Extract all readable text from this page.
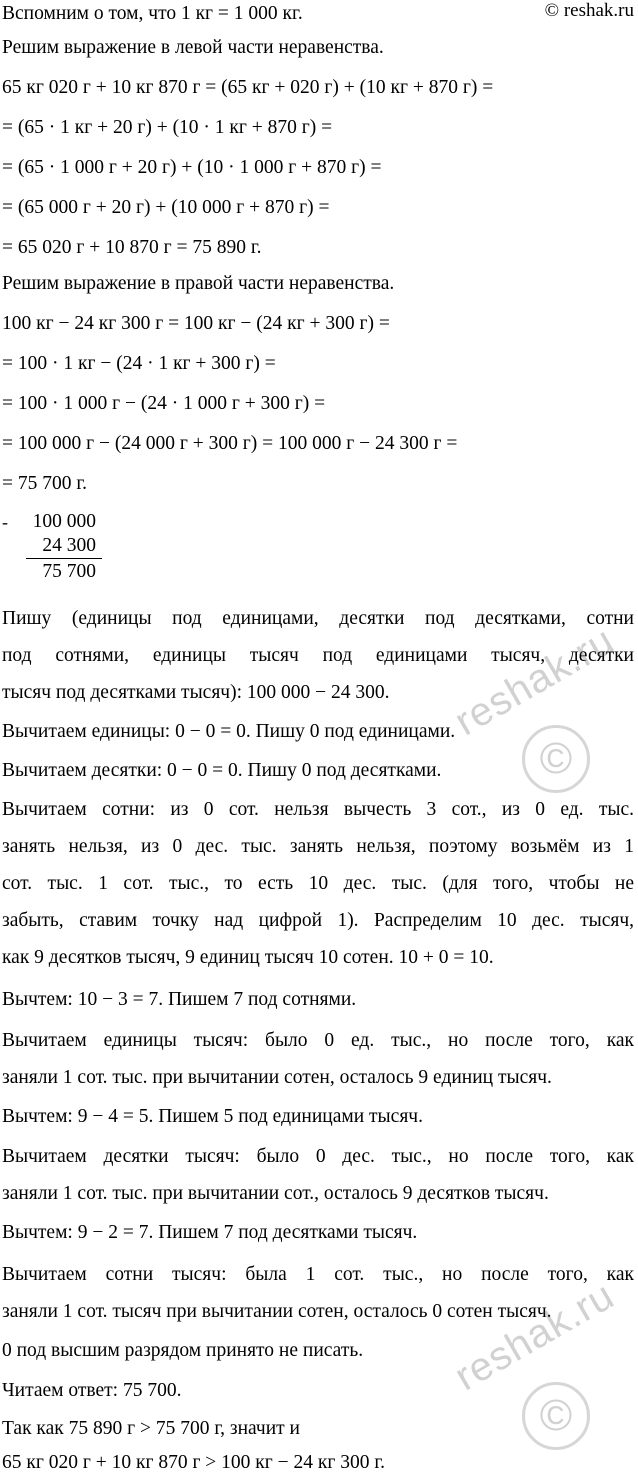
Вспомним о том, что 1 кг = 1 000 кг.	© reshak.ru
Решим выражение в левой части неравенства.
65 кг 020 г + 10 кг 870 г = (65 кг + 020 г) + (10 кг + 870 г) =
= (65 · 1 кг + 20 г) + (10 · 1 кг + 870 г) =
= (65 · 1 000 г + 20 г) + (10 · 1 000 г + 870 г) =
= (65 000 г + 20 г) + (10 000 г + 870 г) =
= 65 020 г + 10 870 г = 75 890 г.
Решим выражение в правой части неравенства.
100 кг − 24 кг 300 г = 100 кг − (24 кг + 300 г) =
= 100 · 1 кг − (24 · 1 кг + 300 г) =
= 100 · 1 000 г − (24 · 1 000 г + 300 г) =
= 100 000 г − (24 000 г + 300 г) = 100 000 г − 24 300 г =
= 75 700 г.
-	100 000
24 300
75 700
Пишу (единицы под единицами, десятки под десятками, сотни
под сотнями, единицы тысяч под единицами тысяч, десятки
тысяч под десятками тысяч): 100 000 − 24 300.
Вычитаем единицы: 0 − 0 = 0. Пишу 0 под единицами.
Вычитаем десятки: 0 − 0 = 0. Пишу 0 под десятками.
Вычитаем сотни: из 0 сот. нельзя вычесть 3 сот., из 0 ед. тыс.
занять нельзя, из 0 дес. тыс. занять нельзя, поэтому возьмём из 1
сот. тыс. 1 сот. тыс., то есть 10 дес. тыс. (для того, чтобы не
забыть, ставим точку над цифрой 1). Распределим 10 дес. тысяч,
как 9 десятков тысяч, 9 единиц тысяч 10 сотен. 10 + 0 = 10.
Вычтем: 10 − 3 = 7. Пишем 7 под сотнями.
Вычитаем единицы тысяч: было 0 ед. тыс., но после того, как
заняли 1 сот. тыс. при вычитании сотен, осталось 9 единиц тысяч.
Вычтем: 9 − 4 = 5. Пишем 5 под единицами тысяч.
Вычитаем десятки тысяч: было 0 дес. тыс., но после того, как
заняли 1 сот. тыс. при вычитании сот., осталось 9 десятков тысяч.
Вычтем: 9 − 2 = 7. Пишем 7 под десятками тысяч.
Вычитаем сотни тысяч: была 1 сот. тыс., но после того, как
заняли 1 сот. тысяч при вычитании сотен, осталось 0 сотен тысяч.
0 под высшим разрядом принято не писать.
Читаем ответ: 75 700.
Так как 75 890 г > 75 700 г, значит и
65 кг 020 г + 10 кг 870 г > 100 кг − 24 кг 300 г.
reshak.ru
©
reshak.ru
©
